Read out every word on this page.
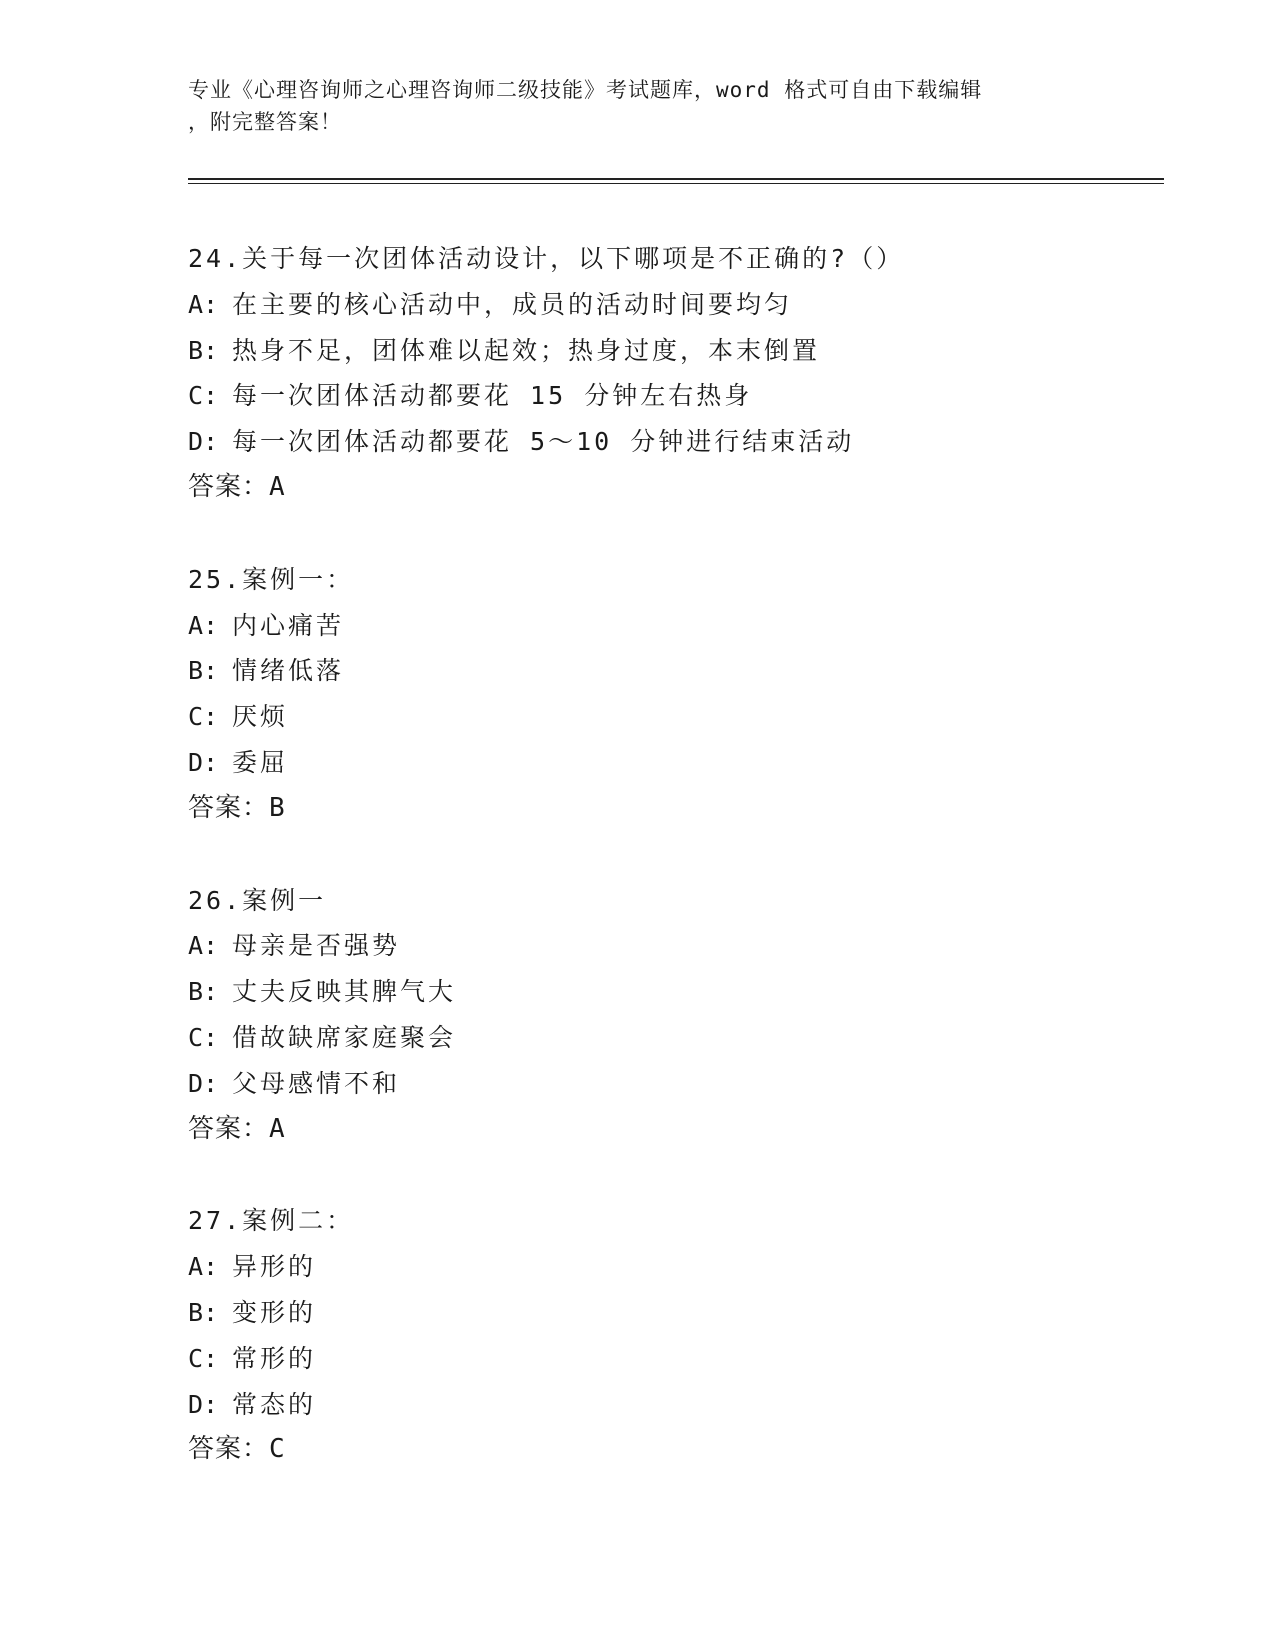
专业《心理咨询师之心理咨询师二级技能》考试题库，word 格式可自由下载编辑
，附完整答案！
24.关于每一次团体活动设计，以下哪项是不正确的?（）
A: 在主要的核心活动中，成员的活动时间要均匀
B: 热身不足，团体难以起效；热身过度，本末倒置
C: 每一次团体活动都要花 15 分钟左右热身
D: 每一次团体活动都要花 5～10 分钟进行结束活动
答案：A
25.案例一：
A: 内心痛苦
B: 情绪低落
C: 厌烦
D: 委屈
答案：B
26.案例一
A: 母亲是否强势
B: 丈夫反映其脾气大
C: 借故缺席家庭聚会
D: 父母感情不和
答案：A
27.案例二：
A: 异形的
B: 变形的
C: 常形的
D: 常态的
答案：C
